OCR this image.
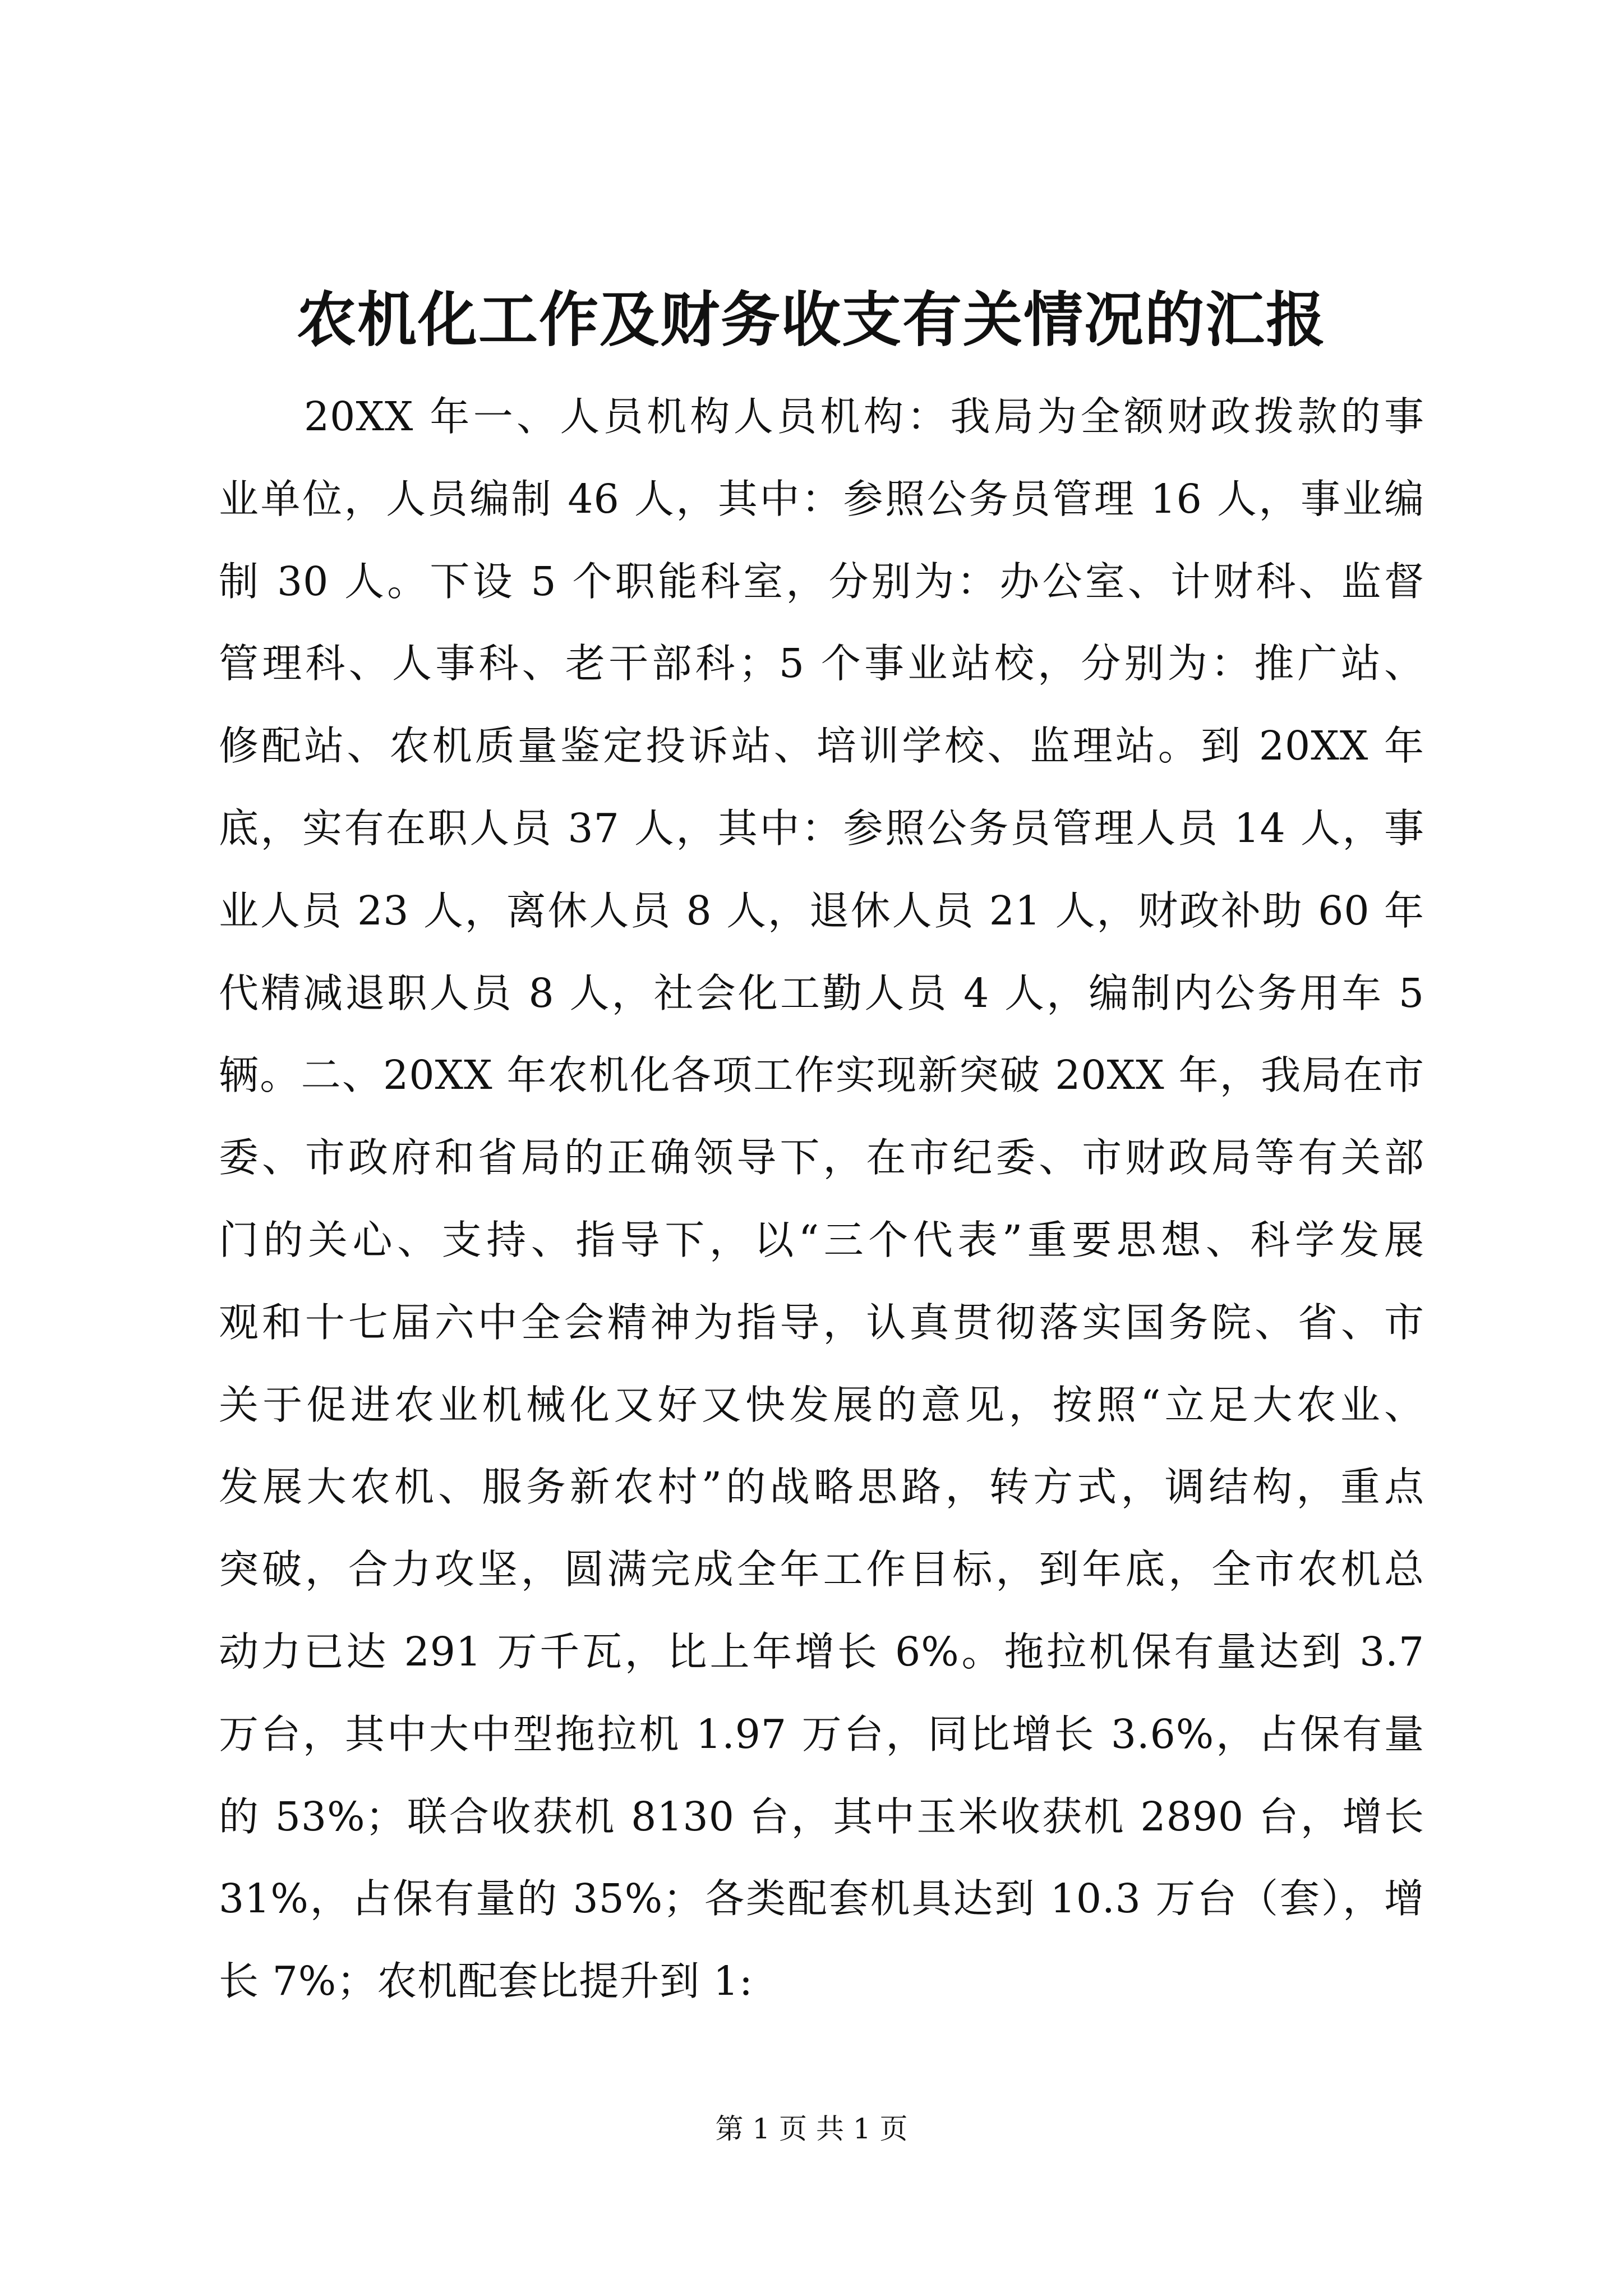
农机化工作及财务收支有关情况的汇报
20XX 年一、人员机构人员机构：我局为全额财政拨款的事
业单位，人员编制 46 人，其中：参照公务员管理 16 人，事业编
制 30 人。下设 5 个职能科室，分别为：办公室、计财科、监督
管理科、人事科、老干部科；5 个事业站校，分别为：推广站、
修配站、农机质量鉴定投诉站、培训学校、监理站。到 20XX 年
底，实有在职人员 37 人，其中：参照公务员管理人员 14 人，事
业人员 23 人，离休人员 8 人，退休人员 21 人，财政补助 60 年
代精减退职人员 8 人，社会化工勤人员 4 人，编制内公务用车 5
辆。二、20XX 年农机化各项工作实现新突破 20XX 年，我局在市
委、市政府和省局的正确领导下，在市纪委、市财政局等有关部
门的关心、支持、指导下，以“三个代表”重要思想、科学发展
观和十七届六中全会精神为指导，认真贯彻落实国务院、省、市
关于促进农业机械化又好又快发展的意见，按照“立足大农业、
发展大农机、服务新农村”的战略思路，转方式，调结构，重点
突破，合力攻坚，圆满完成全年工作目标，到年底，全市农机总
动力已达 291 万千瓦，比上年增长 6%。拖拉机保有量达到 3.7
万台，其中大中型拖拉机 1.97 万台，同比增长 3.6%，占保有量
的 53%；联合收获机 8130 台，其中玉米收获机 2890 台，增长
31%，占保有量的 35%；各类配套机具达到 10.3 万台（套），增
长 7%；农机配套比提升到 1:
第 1 页 共 1 页
